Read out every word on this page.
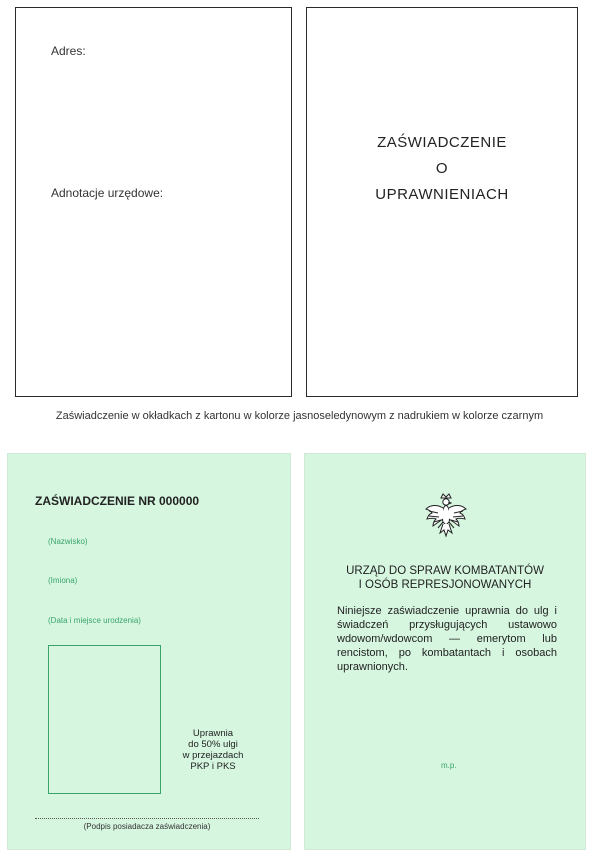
Adres:
Adnotacje urzędowe:
ZAŚWIADCZENIE
O
UPRAWNIENIACH
Zaświadczenie w okładkach z kartonu w kolorze jasnoseledynowym z nadrukiem w kolorze czarnym
ZAŚWIADCZENIE NR 000000
(Nazwisko)
(Imiona)
(Data i miejsce urodzenia)
Uprawnia
do 50% ulgi
w przejazdach
PKP i PKS
(Podpis posiadacza zaświadczenia)
URZĄD DO SPRAW KOMBATANTÓW
I OSÓB REPRESJONOWANYCH
Niniejsze zaświadczenie uprawnia do ulg i świadczeń przysługujących ustawowo wdowom/wdowcom — emerytom lub rencistom, po kombatantach i osobach uprawnionych.
m.p.
